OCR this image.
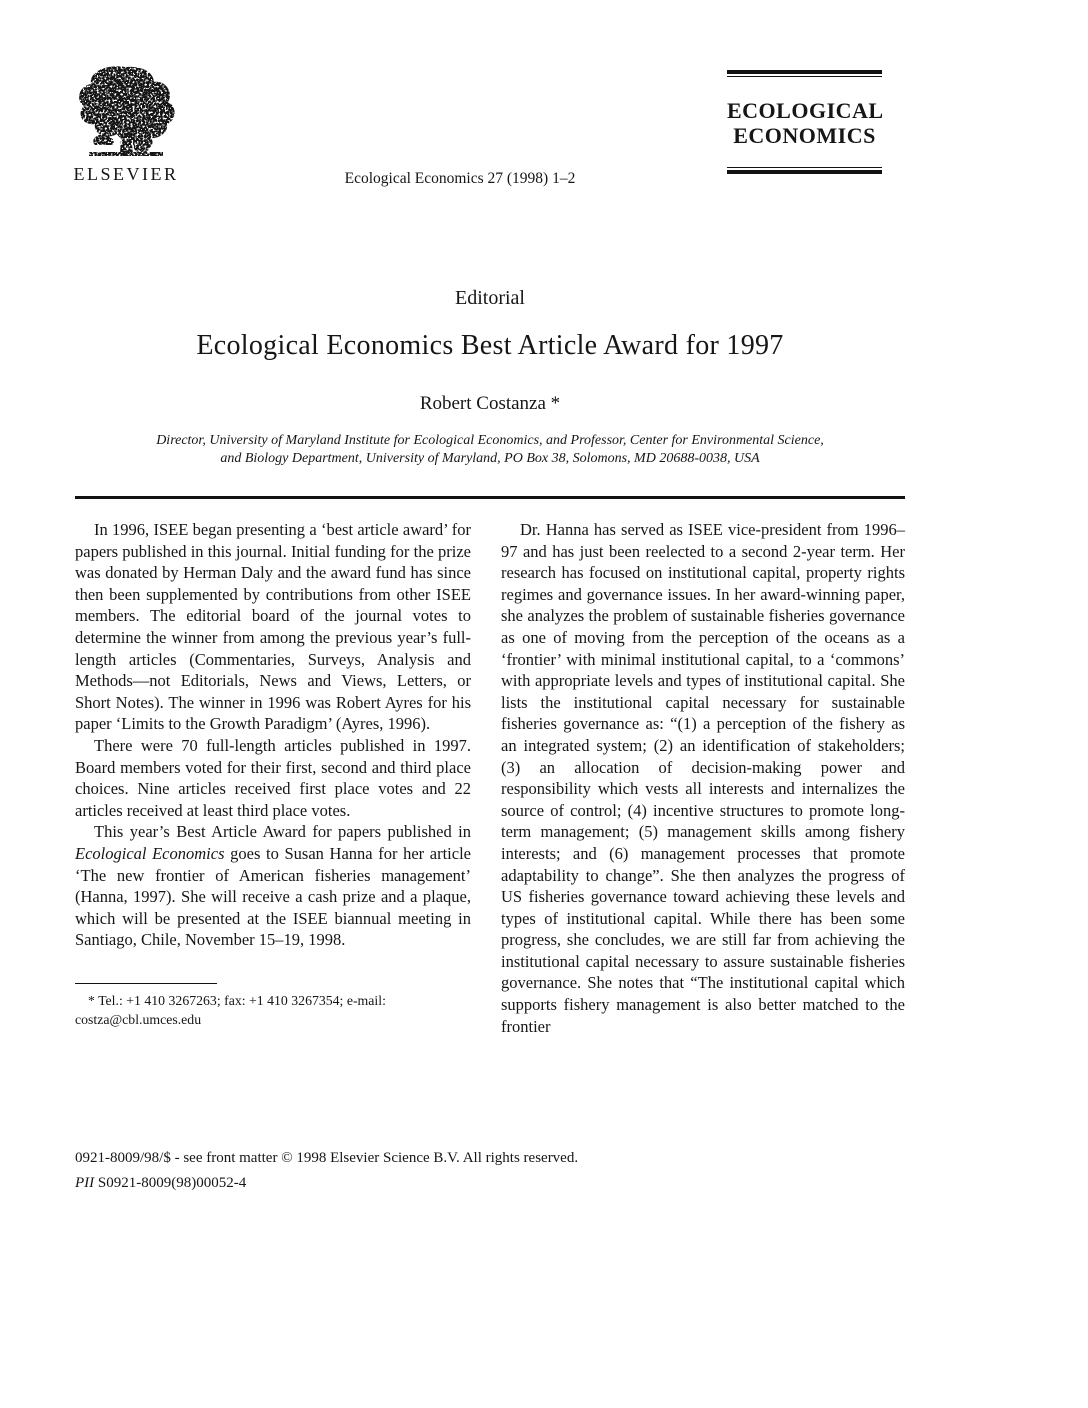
ELSEVIER	Ecological Economics 27 (1998) 1–2
ECOLOGICAL
ECONOMICS
Editorial
Ecological Economics Best Article Award for 1997
Robert Costanza *
Director, University of Maryland Institute for Ecological Economics, and Professor, Center for Environmental Science,
and Biology Department, University of Maryland, PO Box 38, Solomons, MD 20688-0038, USA

In 1996, ISEE began presenting a ‘best article award’ for papers published in this journal. Initial funding for the prize was donated by Herman Daly and the award fund has since then been supplemented by contributions from other ISEE members. The editorial board of the journal votes to determine the winner from among the previous year’s full-length articles (Commentaries, Surveys, Analysis and Methods—not Editorials, News and Views, Letters, or Short Notes). The winner in 1996 was Robert Ayres for his paper ‘Limits to the Growth Paradigm’ (Ayres, 1996).

There were 70 full-length articles published in 1997. Board members voted for their first, second and third place choices. Nine articles received first place votes and 22 articles received at least third place votes.

This year’s Best Article Award for papers published in Ecological Economics goes to Susan Hanna for her article ‘The new frontier of American fisheries management’ (Hanna, 1997). She will receive a cash prize and a plaque, which will be presented at the ISEE biannual meeting in Santiago, Chile, November 15–19, 1998.

* Tel.: +1 410 3267263; fax: +1 410 3267354; e-mail: costza@cbl.umces.edu

Dr. Hanna has served as ISEE vice-president from 1996–97 and has just been reelected to a second 2-year term. Her research has focused on institutional capital, property rights regimes and governance issues. In her award-winning paper, she analyzes the problem of sustainable fisheries governance as one of moving from the perception of the oceans as a ‘frontier’ with minimal institutional capital, to a ‘commons’ with appropriate levels and types of institutional capital. She lists the institutional capital necessary for sustainable fisheries governance as: “(1) a perception of the fishery as an integrated system; (2) an identification of stakeholders; (3) an allocation of decision-making power and responsibility which vests all interests and internalizes the source of control; (4) incentive structures to promote long-term management; (5) management skills among fishery interests; and (6) management processes that promote adaptability to change”. She then analyzes the progress of US fisheries governance toward achieving these levels and types of institutional capital. While there has been some progress, she concludes, we are still far from achieving the institutional capital necessary to assure sustainable fisheries governance. She notes that “The institutional capital which supports fishery management is also better matched to the frontier

0921-8009/98/$ - see front matter © 1998 Elsevier Science B.V. All rights reserved.
PII S0921-8009(98)00052-4
